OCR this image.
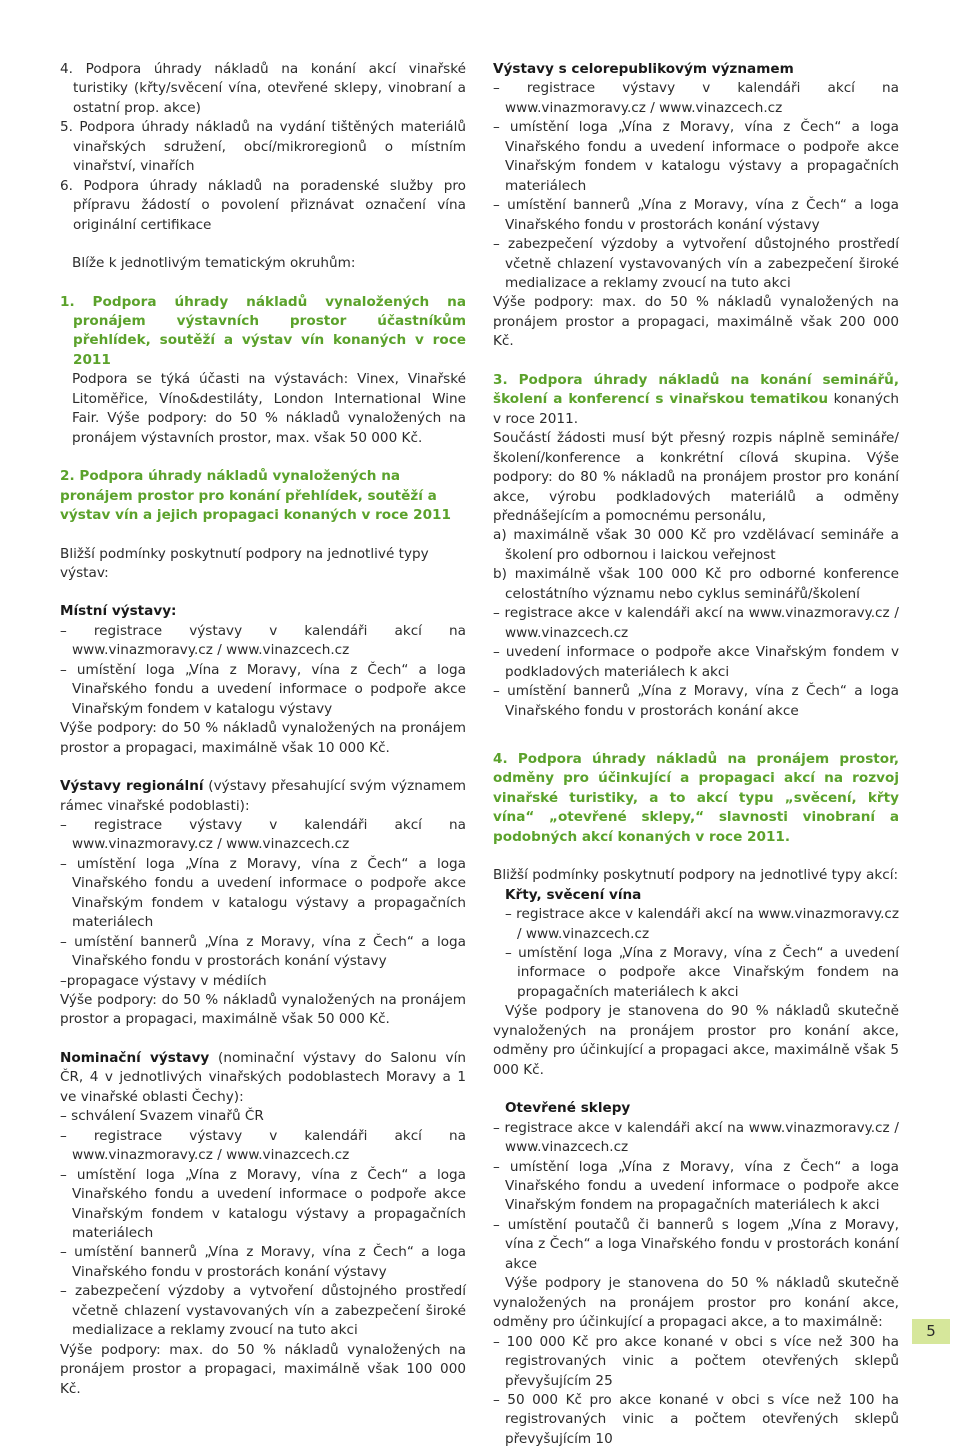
4. Podpora úhrady nákladů na konání akcí vinařské turistiky (křty/svěcení vína, otevřené sklepy, vinobraní a ostatní prop. akce)

5. Podpora úhrady nákladů na vydání tištěných materiálů vinařských sdružení, obcí/mikroregionů o místním vinařství, vinařích

6. Podpora úhrady nákladů na poradenské služby pro přípravu žádostí o povolení přiznávat označení vína originální certifikace

Blíže k jednotlivým tematickým okruhům:

1. Podpora úhrady nákladů vynaložených na pronájem výstavních prostor účastníkům přehlídek, soutěží a výstav vín konaných v roce 2011

Podpora se týká účasti na výstavách: Vinex, Vinařské Litoměřice, Víno&destiláty, London International Wine Fair. Výše podpory: do 50 % nákladů vynaložených na pronájem výstavních prostor, max. však 50 000 Kč.

2. Podpora úhrady nákladů vynaložených na pronájem prostor pro konání přehlídek, soutěží a výstav vín a jejich propagaci konaných v roce 2011

Bližší podmínky poskytnutí podpory na jednotlivé typy výstav:

Místní výstavy:

– registrace výstavy v kalendáři akcí na www.vinazmoravy.cz / www.vinazcech.cz

– umístění loga „Vína z Moravy, vína z Čech“ a loga Vinařského fondu a uvedení informace o podpoře akce Vinařským fondem v katalogu výstavy

Výše podpory: do 50 % nákladů vynaložených na pronájem prostor a propagaci, maximálně však 10 000 Kč.

Výstavy regionální (výstavy přesahující svým významem rámec vinařské podoblasti):

– registrace výstavy v kalendáři akcí na www.vinazmoravy.cz / www.vinazcech.cz

– umístění loga „Vína z Moravy, vína z Čech“ a loga Vinařského fondu a uvedení informace o podpoře akce Vinařským fondem v katalogu výstavy a propagačních materiálech

– umístění bannerů „Vína z Moravy, vína z Čech“ a loga Vinařského fondu v prostorách konání výstavy

–propagace výstavy v médiích

Výše podpory: do 50 % nákladů vynaložených na pronájem prostor a propagaci, maximálně však 50 000 Kč.

Nominační výstavy (nominační výstavy do Salonu vín ČR, 4 v jednotlivých vinařských podoblastech Moravy a 1 ve vinařské oblasti Čechy):

– schválení Svazem vinařů ČR

– registrace výstavy v kalendáři akcí na www.vinazmoravy.cz / www.vinazcech.cz

– umístění loga „Vína z Moravy, vína z Čech“ a loga Vinařského fondu a uvedení informace o podpoře akce Vinařským fondem v katalogu výstavy a propagačních materiálech

– umístění bannerů „Vína z Moravy, vína z Čech“ a loga Vinařského fondu v prostorách konání výstavy

– zabezpečení výzdoby a vytvoření důstojného prostředí včetně chlazení vystavovaných vín a zabezpečení široké medializace a reklamy zvoucí na tuto akci

Výše podpory: max. do 50 % nákladů vynaložených na pronájem prostor a propagaci, maximálně však 100 000 Kč.

Výstavy s celorepublikovým významem

– registrace výstavy v kalendáři akcí na www.vinazmoravy.cz / www.vinazcech.cz

– umístění loga „Vína z Moravy, vína z Čech“ a loga Vinařského fondu a uvedení informace o podpoře akce Vinařským fondem v katalogu výstavy a propagačních materiálech

– umístění bannerů „Vína z Moravy, vína z Čech“ a loga Vinařského fondu v prostorách konání výstavy

– zabezpečení výzdoby a vytvoření důstojného prostředí včetně chlazení vystavovaných vín a zabezpečení široké medializace a reklamy zvoucí na tuto akci

Výše podpory: max. do 50 % nákladů vynaložených na pronájem prostor a propagaci, maximálně však 200 000 Kč.

3. Podpora úhrady nákladů na konání seminářů, školení a konferencí s vinařskou tematikou konaných v roce 2011.

Součástí žádosti musí být přesný rozpis náplně semináře/školení/konference a konkrétní cílová skupina. Výše podpory: do 80 % nákladů na pronájem prostor pro konání akce, výrobu podkladových materiálů a odměny přednášejícím a pomocnému personálu,

a) maximálně však 30 000 Kč pro vzdělávací semináře a školení pro odbornou i laickou veřejnost

b) maximálně však 100 000 Kč pro odborné konference celostátního významu nebo cyklus seminářů/školení

– registrace akce v kalendáři akcí na www.vinazmoravy.cz / www.vinazcech.cz

– uvedení informace o podpoře akce Vinařským fondem v podkladových materiálech k akci

– umístění bannerů „Vína z Moravy, vína z Čech“ a loga Vinařského fondu v prostorách konání akce

4. Podpora úhrady nákladů na pronájem prostor, odměny pro účinkující a propagaci akcí na rozvoj vinařské turistiky, a to akcí typu „svěcení, křty vína“ „otevřené sklepy,“ slavnosti vinobraní a podobných akcí konaných v roce 2011.

Bližší podmínky poskytnutí podpory na jednotlivé typy akcí:

Křty, svěcení vína

– registrace akce v kalendáři akcí na www.vinazmoravy.cz / www.vinazcech.cz

– umístění loga „Vína z Moravy, vína z Čech“ a uvedení informace o podpoře akce Vinařským fondem na propagačních materiálech k akci

Výše podpory je stanovena do 90 % nákladů skutečně vynaložených na pronájem prostor pro konání akce, odměny pro účinkující a propagaci akce, maximálně však 5 000 Kč.

Otevřené sklepy

– registrace akce v kalendáři akcí na www.vinazmoravy.cz / www.vinazcech.cz

– umístění loga „Vína z Moravy, vína z Čech“ a loga Vinařského fondu a uvedení informace o podpoře akce Vinařským fondem na propagačních materiálech k akci

– umístění poutačů či bannerů s logem „Vína z Moravy, vína z Čech“ a loga Vinařského fondu v prostorách konání akce

Výše podpory je stanovena do 50 % nákladů skutečně vynaložených na pronájem prostor pro konání akce, odměny pro účinkující a propagaci akce, a to maximálně:

– 100 000 Kč pro akce konané v obci s více než 300 ha registrovaných vinic a počtem otevřených sklepů převyšujícím 25

– 50 000 Kč pro akce konané v obci s více než 100 ha registrovaných vinic a počtem otevřených sklepů převyšujícím 10

5
